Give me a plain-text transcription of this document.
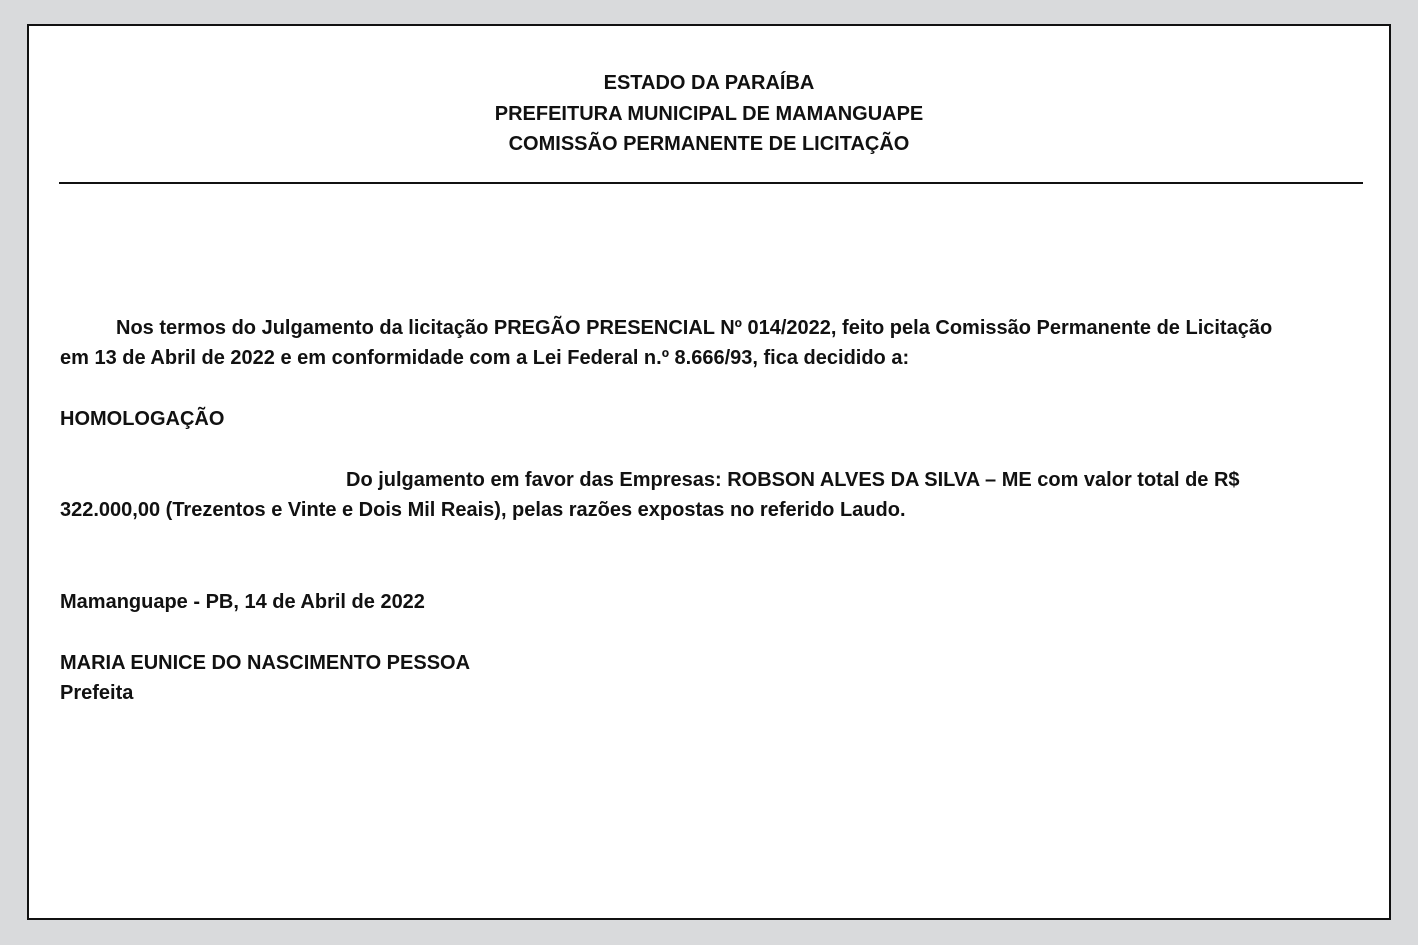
ESTADO DA PARAÍBA
PREFEITURA MUNICIPAL DE MAMANGUAPE
COMISSÃO PERMANENTE DE LICITAÇÃO
Nos termos do Julgamento da licitação PREGÃO PRESENCIAL Nº 014/2022, feito pela Comissão Permanente de Licitação
em 13 de Abril de 2022 e em conformidade com a Lei Federal n.º 8.666/93, fica decidido a:
HOMOLOGAÇÃO
Do julgamento em favor das Empresas: ROBSON ALVES DA SILVA – ME com valor total de R$
322.000,00 (Trezentos e Vinte e Dois Mil Reais), pelas razões expostas no referido Laudo.
Mamanguape - PB, 14 de Abril de 2022
MARIA EUNICE DO NASCIMENTO PESSOA
Prefeita
